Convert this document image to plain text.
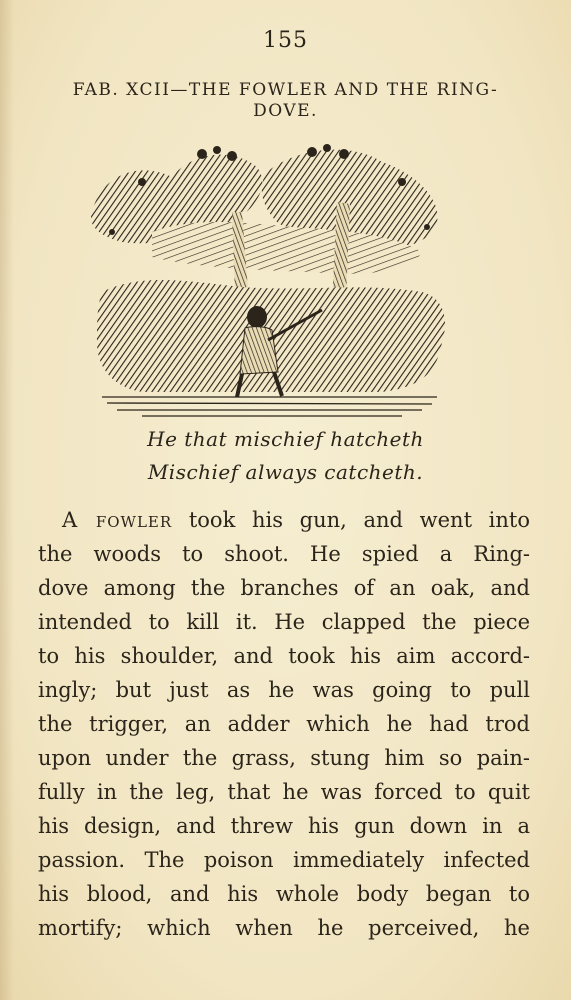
155
FAB. XCII—THE FOWLER AND THE RING-
DOVE.
He that mischief hatcheth
Mischief always catcheth.
A fowler took his gun, and went into
the woods to shoot. He spied a Ring-
dove among the branches of an oak, and
intended to kill it. He clapped the piece
to his shoulder, and took his aim accord-
ingly; but just as he was going to pull
the trigger, an adder which he had trod
upon under the grass, stung him so pain-
fully in the leg, that he was forced to quit
his design, and threw his gun down in a
passion. The poison immediately infected
his blood, and his whole body began to
mortify; which when he perceived, he
